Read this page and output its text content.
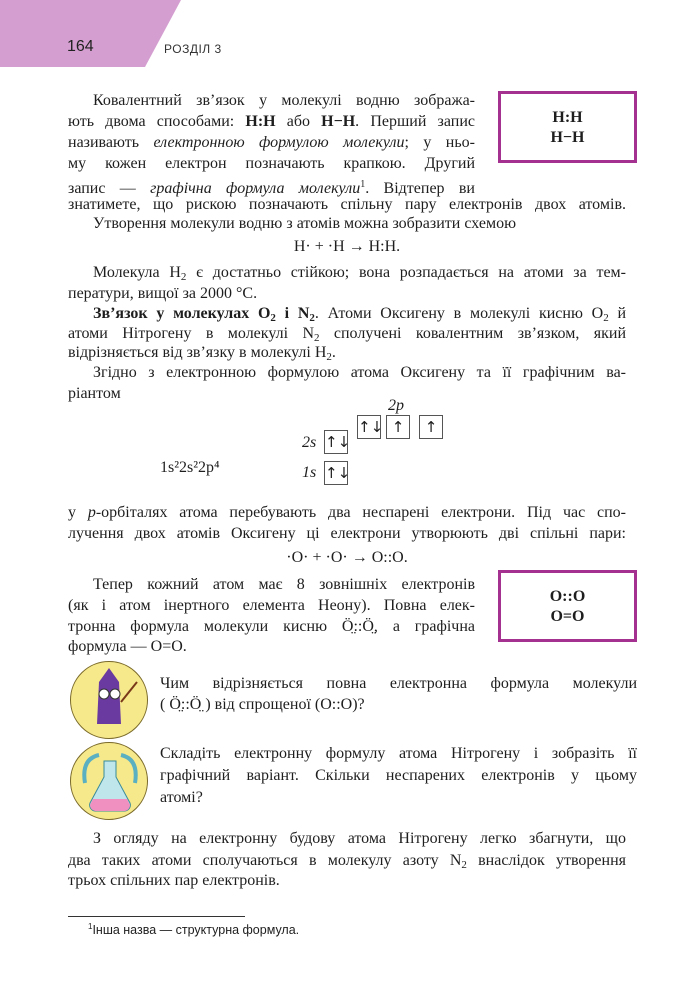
164	РОЗДІЛ 3
Ковалентний зв’язок у молекулі водню зобража-
ють двома способами: H:H або H−H. Перший запис
називають електронною формулою молекули; у ньо-
му кожен електрон позначають крапкою. Другий
запис — графічна формула молекули$^1$. Відтепер ви
знатимете, що рискою позначають спільну пару електронів двох атомів.
Утворення молекули водню з атомів можна зобразити схемою
H· + ·H → H:H.
Молекула $H_2$ є достатньо стійкою; вона розпадається на атоми за тем-
ператури, вищої за 2000 °C.
Зв’язок у молекулах O2 і N2. Атоми Оксигену в молекулі кисню $O_2$ й
атоми Нітрогену в молекулі $N_2$ сполучені ковалентним зв’язком, який
відрізняється від зв’язку в молекулі $H_2$.
Згідно з електронною формулою атома Оксигену та її графічним ва-
ріантом
у p-орбіталях атома перебувають два неспарені електрони. Під час спо-
лучення двох атомів Оксигену ці електрони утворюють дві спільні пари:
·O· + ·O· → O::O.
Тепер кожний атом має 8 зовнішніх електронів
(як і атом інертного елемента Неону). Повна елек-
тронна формула молекули кисню Ö̤::Ö̤, а графічна
формула — O=O.
Чим відрізняється повна електронна формула молекули
( Ö̤::Ö̤ ) від спрощеної (O::O)?
Складіть електронну формулу атома Нітрогену і зобразіть її
графічний варіант. Скільки неспарених електронів у цьому
атомі?
З огляду на електронну будову атома Нітрогену легко збагнути, що
два таких атоми сполучаються в молекулу азоту $N_2$ внаслідок утворення
трьох спільних пар електронів.
H:H
H−H
O::O
O=O
1s²2s²2p⁴
2p
2s
1s
↑↓ ↑	↑
↑↓
↑↓
$^1$Інша назва — структурна формула.
